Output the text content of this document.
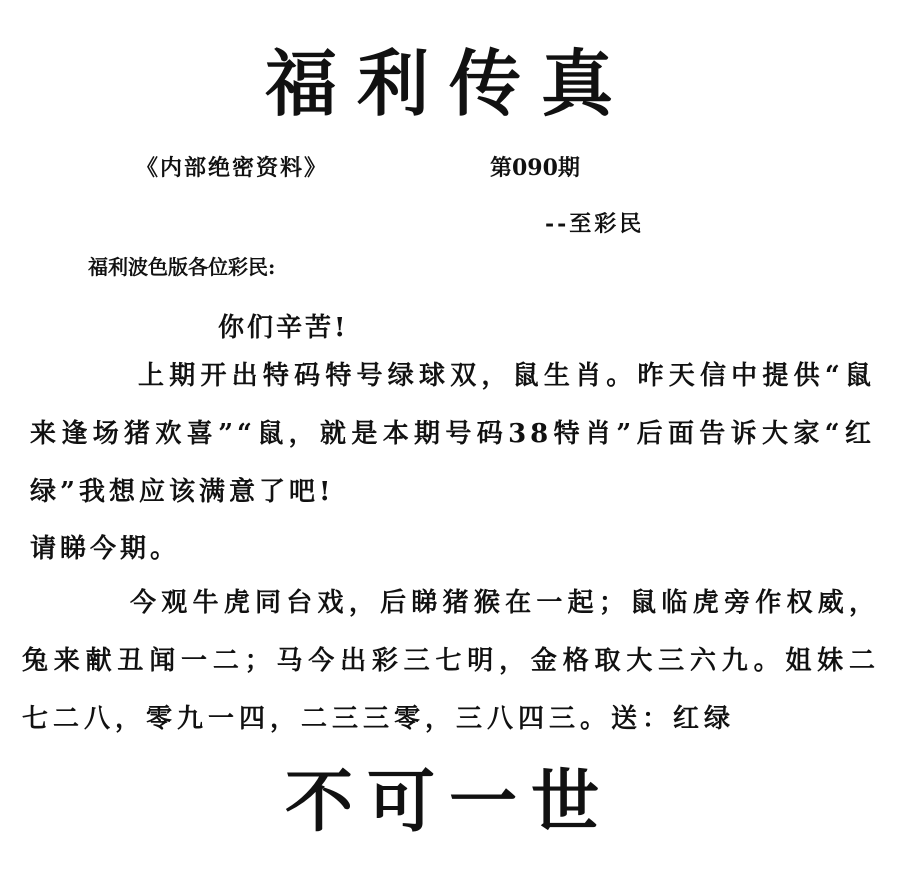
福利传真
《内部绝密资料》	第090期
--至彩民
福利波色版各位彩民:
你们辛苦!

上期开出特码特号绿球双，鼠生肖。昨天信中提供“鼠来逢场猪欢喜”“鼠，就是本期号码38特肖”后面告诉大家“红绿”我想应该满意了吧!

请睇今期。

今观牛虎同台戏，后睇猪猴在一起；鼠临虎旁作权威，兔来献丑闻一二；马今出彩三七明，金格取大三六九。姐妹二七二八，零九一四，二三三零，三八四三。送：红绿

不可一世
